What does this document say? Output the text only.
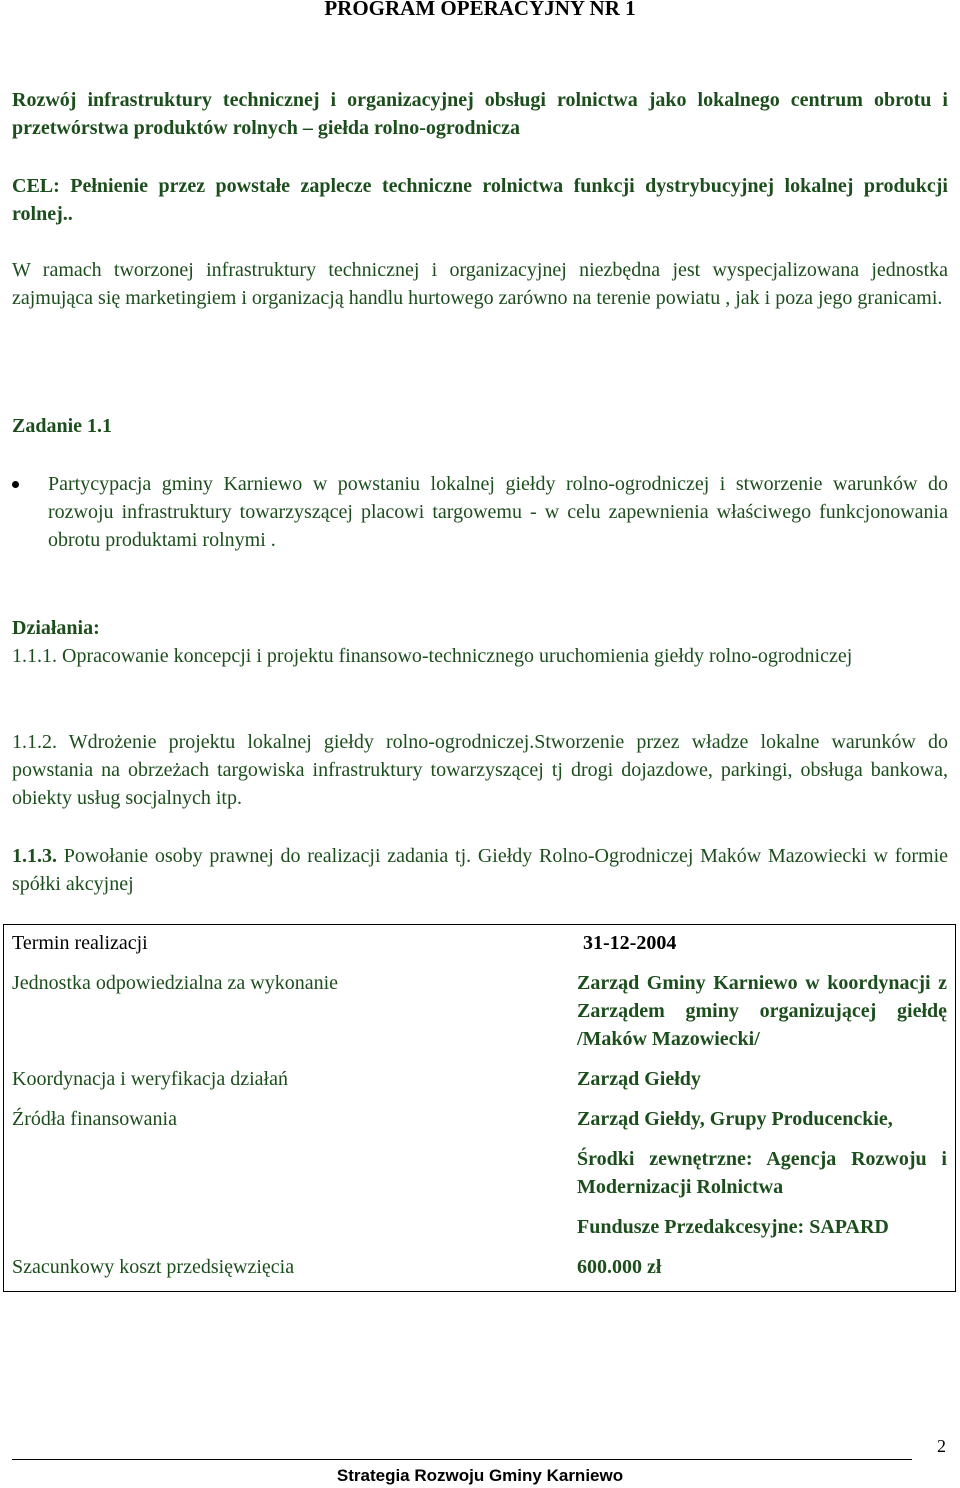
PROGRAM OPERACYJNY NR 1
Rozwój infrastruktury technicznej i organizacyjnej obsługi rolnictwa jako lokalnego centrum obrotu i przetwórstwa produktów rolnych – giełda rolno-ogrodnicza
CEL: Pełnienie przez powstałe zaplecze techniczne rolnictwa funkcji dystrybucyjnej lokalnej produkcji rolnej..
W ramach tworzonej infrastruktury technicznej i organizacyjnej niezbędna jest wyspecjalizowana jednostka zajmująca się marketingiem i organizacją handlu hurtowego zarówno na terenie powiatu , jak i poza jego granicami.
Zadanie 1.1
Partycypacja gminy Karniewo w powstaniu lokalnej giełdy rolno-ogrodniczej i stworzenie warunków do rozwoju infrastruktury towarzyszącej placowi targowemu - w celu zapewnienia właściwego funkcjonowania obrotu produktami rolnymi .
Działania:
1.1.1. Opracowanie koncepcji i projektu finansowo-technicznego uruchomienia giełdy rolno-ogrodniczej
1.1.2. Wdrożenie projektu lokalnej giełdy rolno-ogrodniczej.Stworzenie przez władze lokalne warunków do powstania na obrzeżach targowiska infrastruktury towarzyszącej tj drogi dojazdowe, parkingi, obsługa bankowa, obiekty usług socjalnych itp.
1.1.3. Powołanie osoby prawnej do realizacji zadania tj. Giełdy Rolno-Ogrodniczej Maków Mazowiecki w formie spółki akcyjnej
Termin realizacji	31-12-2004
Jednostka odpowiedzialna za wykonanie	Zarząd Gminy Karniewo w koordynacji z Zarządem gminy organizującej giełdę /Maków Mazowiecki/
Koordynacja i weryfikacja działań	Zarząd Giełdy
Źródła finansowania	Zarząd Giełdy, Grupy Producenckie,
Środki zewnętrzne: Agencja Rozwoju i Modernizacji Rolnictwa
Fundusze Przedakcesyjne: SAPARD

Szacunkowy koszt przedsięwzięcia	600.000 zł
2
Strategia Rozwoju Gminy Karniewo
